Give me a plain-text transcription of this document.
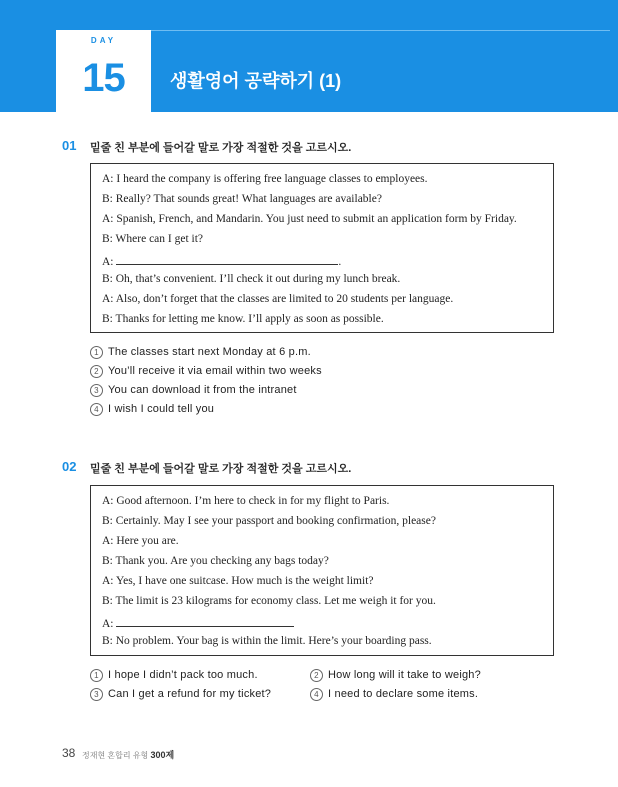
DAY
15	생활영어 공략하기 (1)
01 밑줄 친 부분에 들어갈 말로 가장 적절한 것을 고르시오.
A: I heard the company is offering free language classes to employees.
B: Really? That sounds great! What languages are available?
A: Spanish, French, and Mandarin. You just need to submit an application form by Friday.
B: Where can I get it?
A:	.
B: Oh, that’s convenient. I’ll check it out during my lunch break.
A: Also, don’t forget that the classes are limited to 20 students per language.
B: Thanks for letting me know. I’ll apply as soon as possible.
1 The classes start next Monday at 6 p.m.
2 You’ll receive it via email within two weeks
3 You can download it from the intranet
4 I wish I could tell you
02 밑줄 친 부분에 들어갈 말로 가장 적절한 것을 고르시오.
A: Good afternoon. I’m here to check in for my flight to Paris.
B: Certainly. May I see your passport and booking confirmation, please?
A: Here you are.
B: Thank you. Are you checking any bags today?
A: Yes, I have one suitcase. How much is the weight limit?
B: The limit is 23 kilograms for economy class. Let me weigh it for you.
A:
B: No problem. Your bag is within the limit. Here’s your boarding pass.
1 I hope I didn’t pack too much.	2 How long will it take to weigh?
3 Can I get a refund for my ticket?	4 I need to declare some items.
38 정재현 혼합리 유형 300제
